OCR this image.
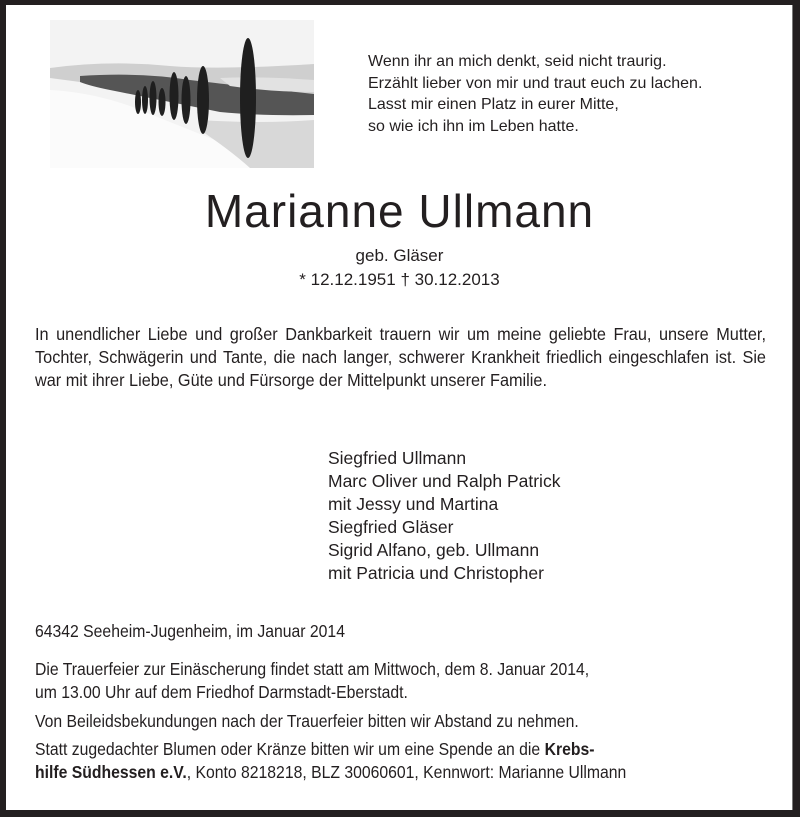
Wenn ihr an mich denkt, seid nicht traurig.
Erzählt lieber von mir und traut euch zu lachen.
Lasst mir einen Platz in eurer Mitte,
so wie ich ihn im Leben hatte.
Marianne Ullmann
geb. Gläser
* 12.12.1951 † 30.12.2013
In unendlicher Liebe und großer Dankbarkeit trauern wir um meine geliebte Frau, unsere Mutter, Tochter, Schwägerin und Tante, die nach langer, schwerer Krankheit friedlich eingeschlafen ist. Sie war mit ihrer Liebe, Güte und Fürsorge der Mittelpunkt unserer Familie.
Siegfried Ullmann
Marc Oliver und Ralph Patrick
mit Jessy und Martina
Siegfried Gläser
Sigrid Alfano, geb. Ullmann
mit Patricia und Christopher
64342 Seeheim-Jugenheim, im Januar 2014
Die Trauerfeier zur Einäscherung findet statt am Mittwoch, dem 8. Januar 2014,
um 13.00 Uhr auf dem Friedhof Darmstadt-Eberstadt.
Von Beileidsbekundungen nach der Trauerfeier bitten wir Abstand zu nehmen.
Statt zugedachter Blumen oder Kränze bitten wir um eine Spende an die Krebs-
hilfe Südhessen e.V., Konto 8218218, BLZ 30060601, Kennwort: Marianne Ullmann
